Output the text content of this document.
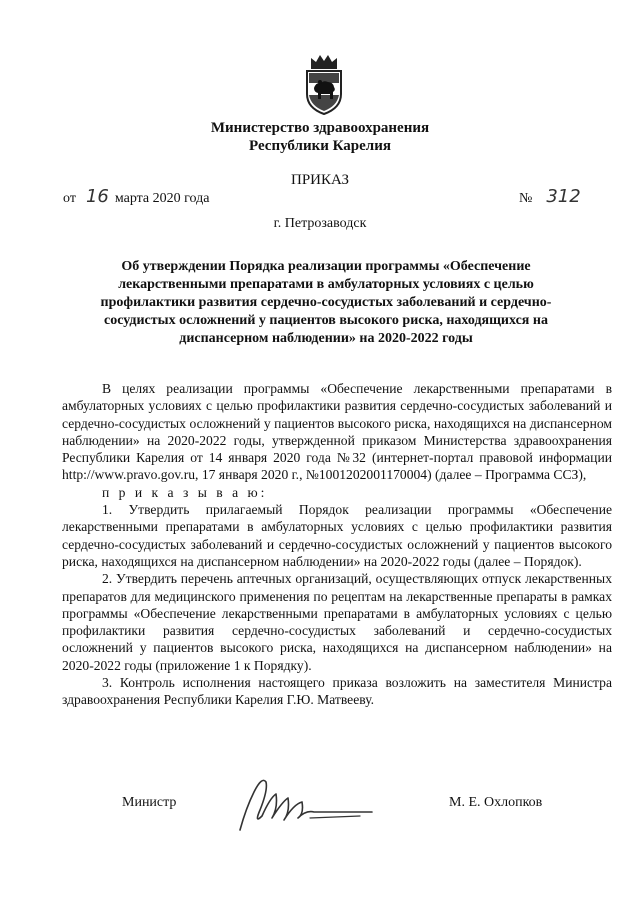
Министерство здравоохранения
Республики Карелия
ПРИКАЗ
от 16 марта 2020 года	№ 312
г. Петрозаводск
Об утверждении Порядка реализации программы «Обеспечение лекарственными препаратами в амбулаторных условиях с целью профилактики развития сердечно-сосудистых заболеваний и сердечно-сосудистых осложнений у пациентов высокого риска, находящихся на диспансерном наблюдении» на 2020-2022 годы

В целях реализации программы «Обеспечение лекарственными препаратами в амбулаторных условиях с целью профилактики развития сердечно-сосудистых заболеваний и сердечно-сосудистых осложнений у пациентов высокого риска, находящихся на диспансерном наблюдении» на 2020-2022 годы, утвержденной приказом Министерства здравоохранения Республики Карелия от 14 января 2020 года №32 (интернет-портал правовой информации http://www.pravo.gov.ru, 17 января 2020 г., №1001202001170004) (далее – Программа ССЗ),

п р и к а з ы в а ю:

1. Утвердить прилагаемый Порядок реализации программы «Обеспечение лекарственными препаратами в амбулаторных условиях с целью профилактики развития сердечно-сосудистых заболеваний и сердечно-сосудистых осложнений у пациентов высокого риска, находящихся на диспансерном наблюдении» на 2020-2022 годы (далее – Порядок).

2. Утвердить перечень аптечных организаций, осуществляющих отпуск лекарственных препаратов для медицинского применения по рецептам на лекарственные препараты в рамках программы «Обеспечение лекарственными препаратами в амбулаторных условиях с целью профилактики развития сердечно-сосудистых заболеваний и сердечно-сосудистых осложнений у пациентов высокого риска, находящихся на диспансерном наблюдении» на 2020-2022 годы (приложение 1 к Порядку).

3. Контроль исполнения настоящего приказа возложить на заместителя Министра здравоохранения Республики Карелия Г.Ю. Матвееву.

Министр	М. Е. Охлопков
